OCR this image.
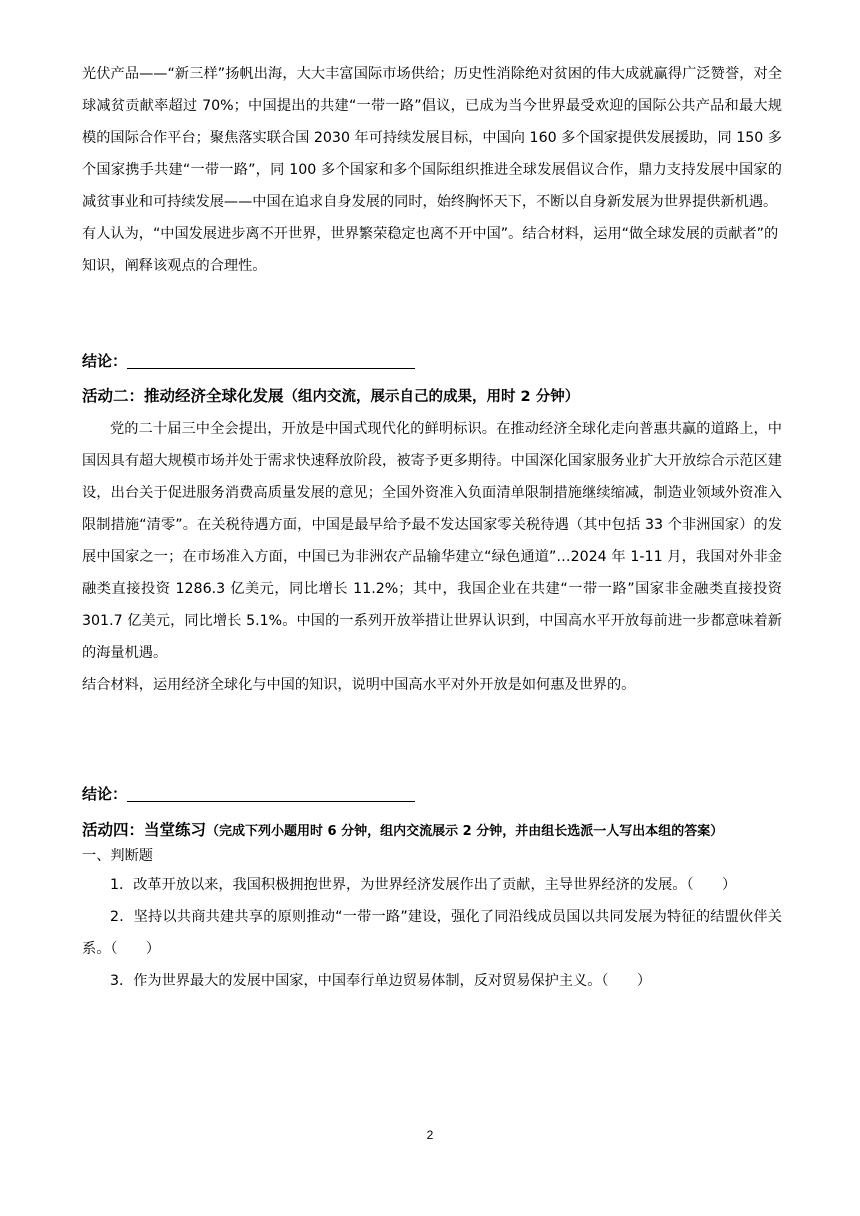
光伏产品——“新三样”扬帆出海，大大丰富国际市场供给；历史性消除绝对贫困的伟大成就赢得广泛赞誉，对全球减贫贡献率超过 70%；中国提出的共建“一带一路”倡议，已成为当今世界最受欢迎的国际公共产品和最大规模的国际合作平台；聚焦落实联合国 2030 年可持续发展目标，中国向 160 多个国家提供发展援助，同 150 多个国家携手共建“一带一路”，同 100 多个国家和多个国际组织推进全球发展倡议合作，鼎力支持发展中国家的减贫事业和可持续发展——中国在追求自身发展的同时，始终胸怀天下，不断以自身新发展为世界提供新机遇。

有人认为，“中国发展进步离不开世界，世界繁荣稳定也离不开中国”。结合材料，运用“做全球发展的贡献者”的知识，阐释该观点的合理性。

结论：

活动二：推动经济全球化发展（组内交流，展示自己的成果，用时 2 分钟）

党的二十届三中全会提出，开放是中国式现代化的鲜明标识。在推动经济全球化走向普惠共赢的道路上，中国因具有超大规模市场并处于需求快速释放阶段，被寄予更多期待。中国深化国家服务业扩大开放综合示范区建设，出台关于促进服务消费高质量发展的意见；全国外资准入负面清单限制措施继续缩减，制造业领域外资准入限制措施“清零”。在关税待遇方面，中国是最早给予最不发达国家零关税待遇（其中包括 33 个非洲国家）的发展中国家之一；在市场准入方面，中国已为非洲农产品输华建立“绿色通道”…2024 年 1-11 月，我国对外非金融类直接投资 1286.3 亿美元，同比增长 11.2%；其中，我国企业在共建“一带一路”国家非金融类直接投资 301.7 亿美元，同比增长 5.1%。中国的一系列开放举措让世界认识到，中国高水平开放每前进一步都意味着新的海量机遇。

结合材料，运用经济全球化与中国的知识，说明中国高水平对外开放是如何惠及世界的。

结论：

活动四：当堂练习（完成下列小题用时 6 分钟，组内交流展示 2 分钟，并由组长选派一人写出本组的答案）

一、判断题

1．改革开放以来，我国积极拥抱世界，为世界经济发展作出了贡献，主导世界经济的发展。（　　）

2．坚持以共商共建共享的原则推动“一带一路”建设，强化了同沿线成员国以共同发展为特征的结盟伙伴关系。（　　）

3．作为世界最大的发展中国家，中国奉行单边贸易体制，反对贸易保护主义。（　　）

2
